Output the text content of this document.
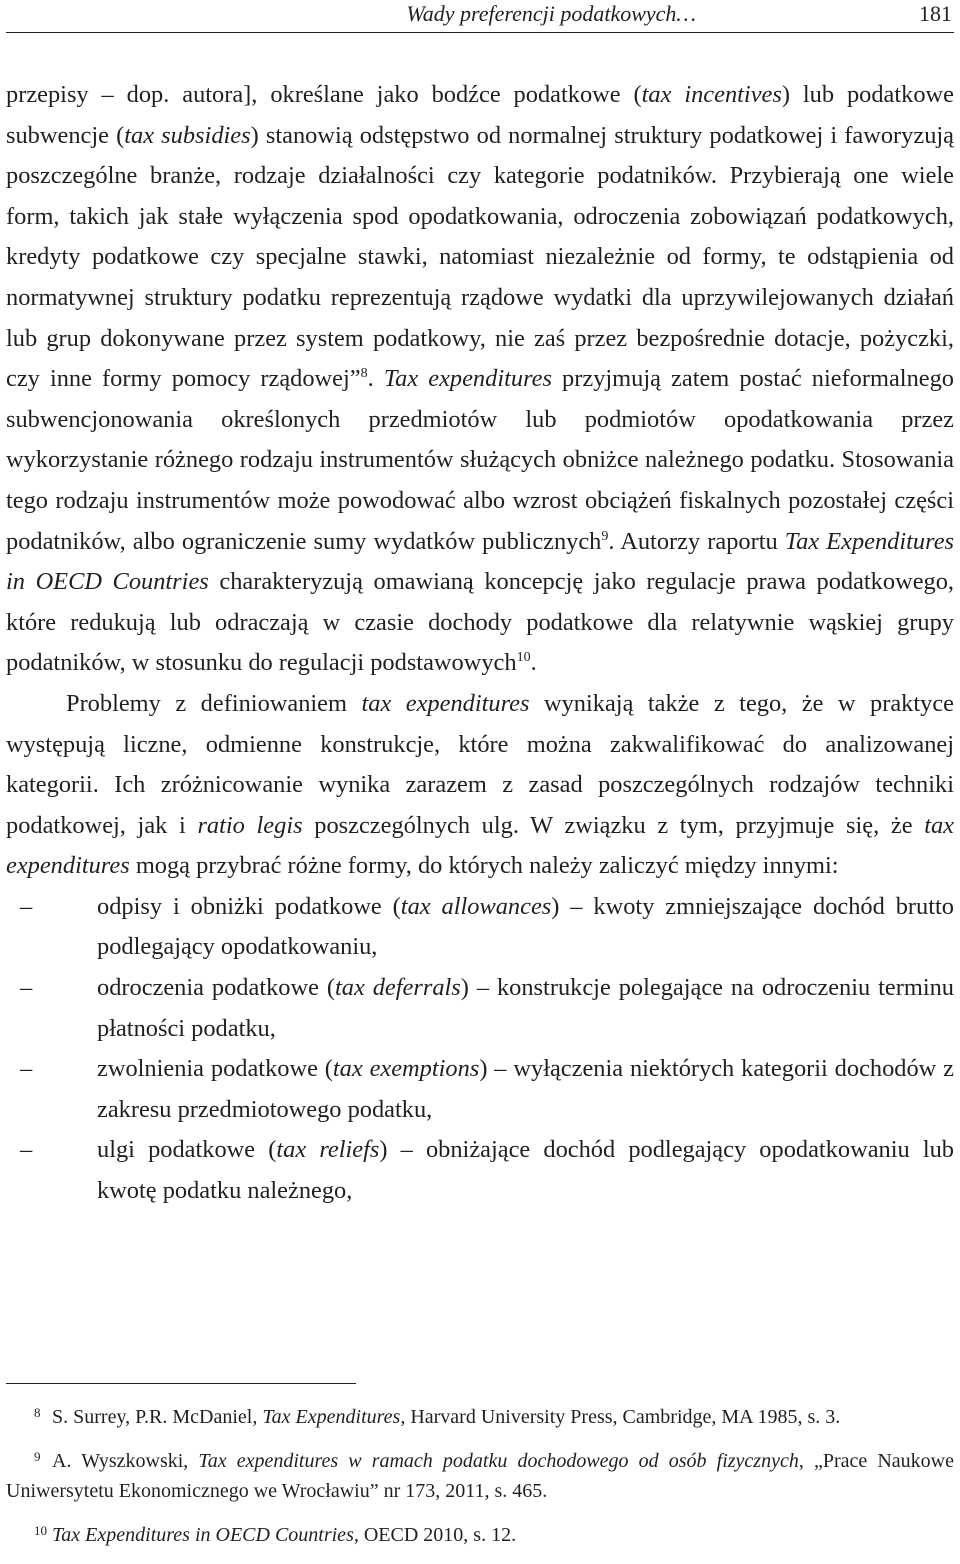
Wady preferencji podatkowych…	181

przepisy – dop. autora], określane jako bodźce podatkowe (tax incentives) lub podatkowe subwencje (tax subsidies) stanowią odstępstwo od normalnej struktury podatkowej i faworyzują poszczególne branże, rodzaje działalności czy kategorie podatników. Przybierają one wiele form, takich jak stałe wyłączenia spod opodatkowania, odroczenia zobowiązań podatkowych, kredyty podatkowe czy specjalne stawki, natomiast niezależnie od formy, te odstąpienia od normatywnej struktury podatku reprezentują rządowe wydatki dla uprzywilejowanych działań lub grup dokonywane przez system podatkowy, nie zaś przez bezpośrednie dotacje, pożyczki, czy inne formy pomocy rządowej”$^8$. Tax expenditures przyjmują zatem postać nieformalnego subwencjonowania określonych przedmiotów lub podmiotów opodatkowania przez wykorzystanie różnego rodzaju instrumentów służących obniżce należnego podatku. Stosowania tego rodzaju instrumentów może powodować albo wzrost obciążeń fiskalnych pozostałej części podatników, albo ograniczenie sumy wydatków publicznych$^9$. Autorzy raportu Tax Expenditures in OECD Countries charakteryzują omawianą koncepcję jako regulacje prawa podatkowego, które redukują lub odraczają w czasie dochody podatkowe dla relatywnie wąskiej grupy podatników, w stosunku do regulacji podstawowych$^{10}$.

Problemy z definiowaniem tax expenditures wynikają także z tego, że w praktyce występują liczne, odmienne konstrukcje, które można zakwalifikować do analizowanej kategorii. Ich zróżnicowanie wynika zarazem z zasad poszczególnych rodzajów techniki podatkowej, jak i ratio legis poszczególnych ulg. W związku z tym, przyjmuje się, że tax expenditures mogą przybrać różne formy, do których należy zaliczyć między innymi:

–	odpisy i obniżki podatkowe (tax allowances) – kwoty zmniejszające dochód brutto podlegający opodatkowaniu,
–	odroczenia podatkowe (tax deferrals) – konstrukcje polegające na odroczeniu terminu płatności podatku,
–	zwolnienia podatkowe (tax exemptions) – wyłączenia niektórych kategorii dochodów z zakresu przedmiotowego podatku,
–	ulgi podatkowe (tax reliefs) – obniżające dochód podlegający opodatkowaniu lub kwotę podatku należnego,

8 S. Surrey, P.R. McDaniel, Tax Expenditures, Harvard University Press, Cambridge, MA 1985, s. 3.

9 A. Wyszkowski, Tax expenditures w ramach podatku dochodowego od osób fizycznych, „Prace Naukowe Uniwersytetu Ekonomicznego we Wrocławiu” nr 173, 2011, s. 465.

10 Tax Expenditures in OECD Countries, OECD 2010, s. 12.
